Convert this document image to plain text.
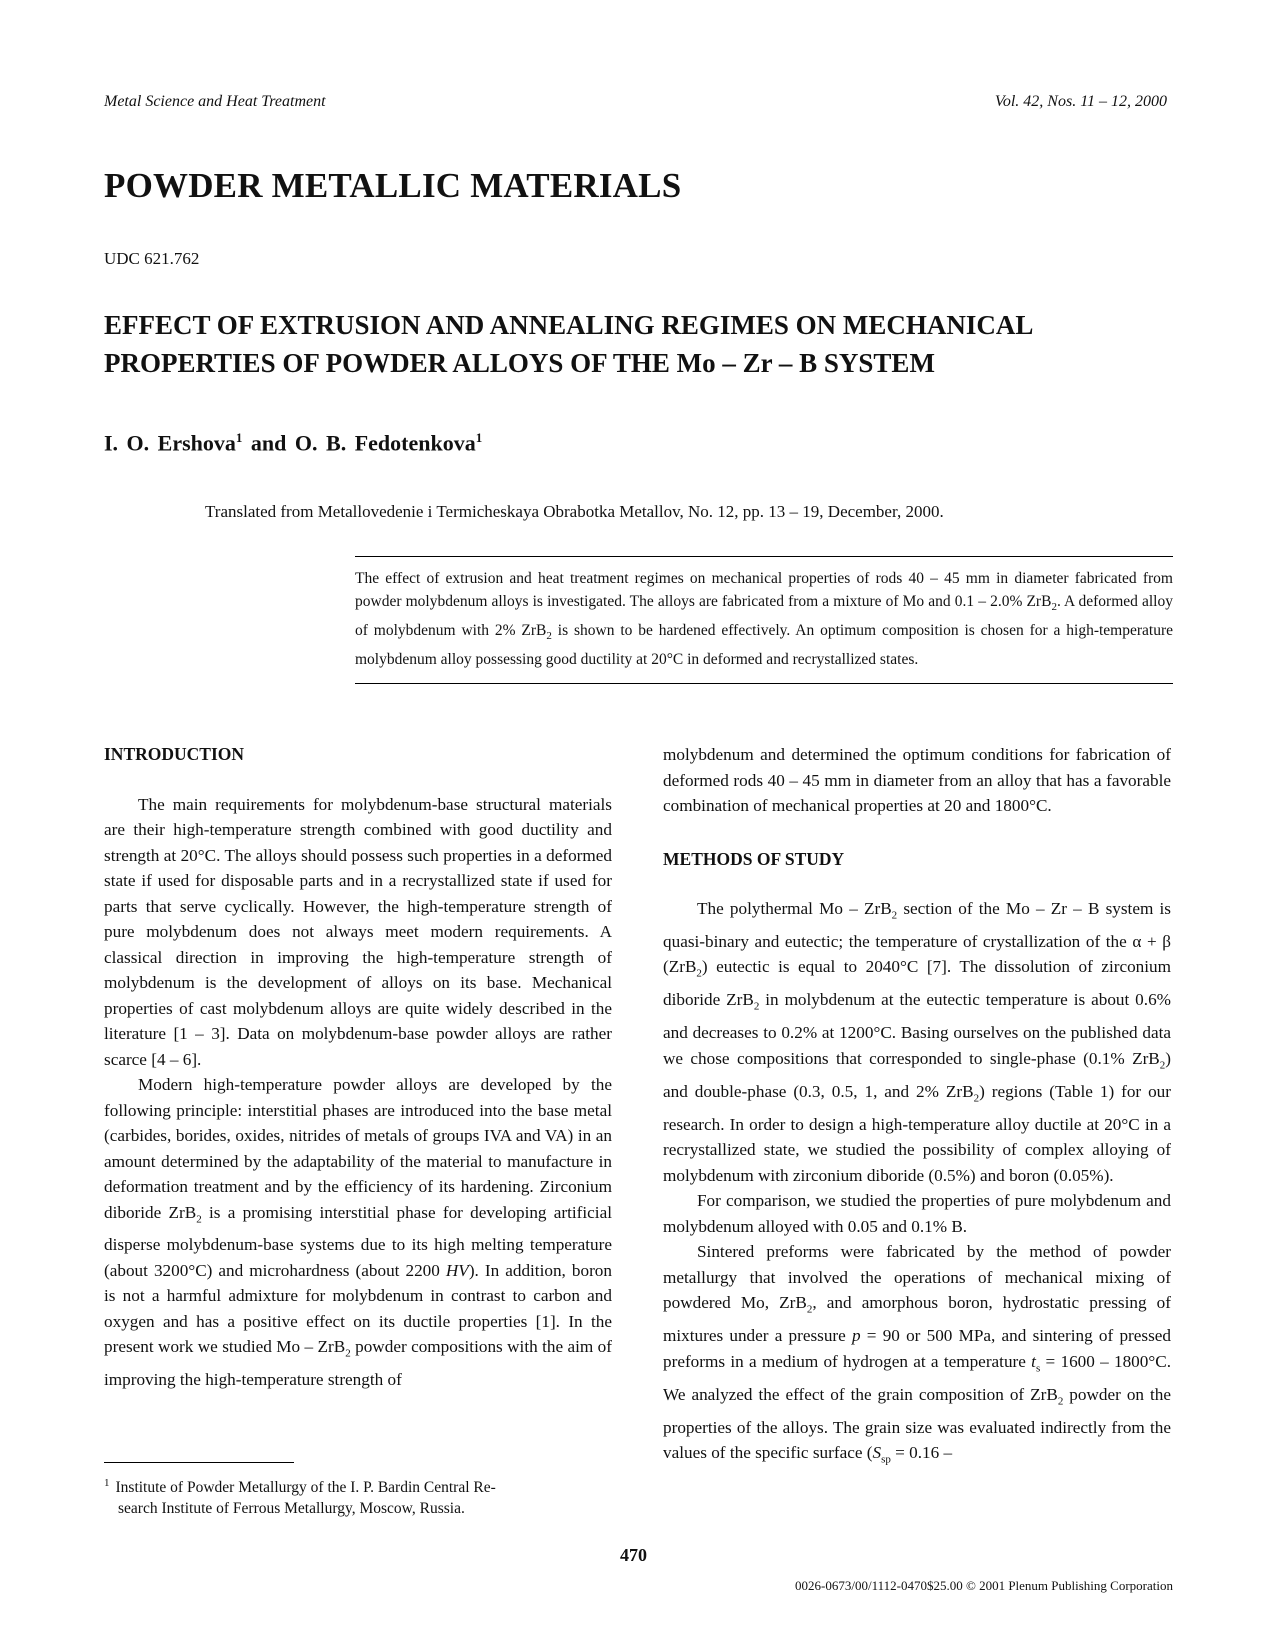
Metal Science and Heat Treatment	Vol. 42, Nos. 11 – 12, 2000
POWDER METALLIC MATERIALS
UDC 621.762
EFFECT OF EXTRUSION AND ANNEALING REGIMES ON MECHANICAL
PROPERTIES OF POWDER ALLOYS OF THE Mo – Zr – B SYSTEM
I. O. Ershova$^1$ and O. B. Fedotenkova$^1$
Translated from Metallovedenie i Termicheskaya Obrabotka Metallov, No. 12, pp. 13 – 19, December, 2000.
The effect of extrusion and heat treatment regimes on mechanical properties of rods 40 – 45 mm in diameter fabricated from powder molybdenum alloys is investigated. The alloys are fabricated from a mixture of Mo and 0.1 – 2.0% ZrB$_2$. A deformed alloy of molybdenum with 2% ZrB$_2$ is shown to be hardened effectively. An optimum composition is chosen for a high-temperature molybdenum alloy possessing good ductility at 20°C in deformed and recrystallized states.
INTRODUCTION

The main requirements for molybdenum-base structural materials are their high-temperature strength combined with good ductility and strength at 20°C. The alloys should possess such properties in a deformed state if used for disposable parts and in a recrystallized state if used for parts that serve cyclically. However, the high-temperature strength of pure molybdenum does not always meet modern requirements. A classical direction in improving the high-temperature strength of molybdenum is the development of alloys on its base. Mechanical properties of cast molybdenum alloys are quite widely described in the literature [1 – 3]. Data on molybdenum-base powder alloys are rather scarce [4 – 6].

Modern high-temperature powder alloys are developed by the following principle: interstitial phases are introduced into the base metal (carbides, borides, oxides, nitrides of metals of groups IVA and VA) in an amount determined by the adaptability of the material to manufacture in deformation treatment and by the efficiency of its hardening. Zirconium diboride ZrB$_2$ is a promising interstitial phase for developing artificial disperse molybdenum-base systems due to its high melting temperature (about 3200°C) and microhardness (about 2200 HV). In addition, boron is not a harmful admixture for molybdenum in contrast to carbon and oxygen and has a positive effect on its ductile properties [1]. In the present work we studied Mo – ZrB$_2$ powder compositions with the aim of improving the high-temperature strength of

molybdenum and determined the optimum conditions for fabrication of deformed rods 40 – 45 mm in diameter from an alloy that has a favorable combination of mechanical properties at 20 and 1800°C.

METHODS OF STUDY

The polythermal Mo – ZrB$_2$ section of the Mo – Zr – B system is quasi-binary and eutectic; the temperature of crystallization of the α + β (ZrB$_2$) eutectic is equal to 2040°C [7]. The dissolution of zirconium diboride ZrB$_2$ in molybdenum at the eutectic temperature is about 0.6% and decreases to 0.2% at 1200°C. Basing ourselves on the published data we chose compositions that corresponded to single-phase (0.1% ZrB$_2$) and double-phase (0.3, 0.5, 1, and 2% ZrB$_2$) regions (Table 1) for our research. In order to design a high-temperature alloy ductile at 20°C in a recrystallized state, we studied the possibility of complex alloying of molybdenum with zirconium diboride (0.5%) and boron (0.05%).

For comparison, we studied the properties of pure molybdenum and molybdenum alloyed with 0.05 and 0.1% B.

Sintered preforms were fabricated by the method of powder metallurgy that involved the operations of mechanical mixing of powdered Mo, ZrB$_2$, and amorphous boron, hydrostatic pressing of mixtures under a pressure p = 90 or 500 MPa, and sintering of pressed preforms in a medium of hydrogen at a temperature $t_s = 1600 - 1800^\circ C$. We analyzed the effect of the grain composition of ZrB$_2$ powder on the properties of the alloys. The grain size was evaluated indirectly from the values of the specific surface ($S_{sp} = 0.16$ –

$^1$ Institute of Powder Metallurgy of the I. P. Bardin Central Re-
search Institute of Ferrous Metallurgy, Moscow, Russia.
470
0026-0673/00/1112-0470$25.00 © 2001 Plenum Publishing Corporation
